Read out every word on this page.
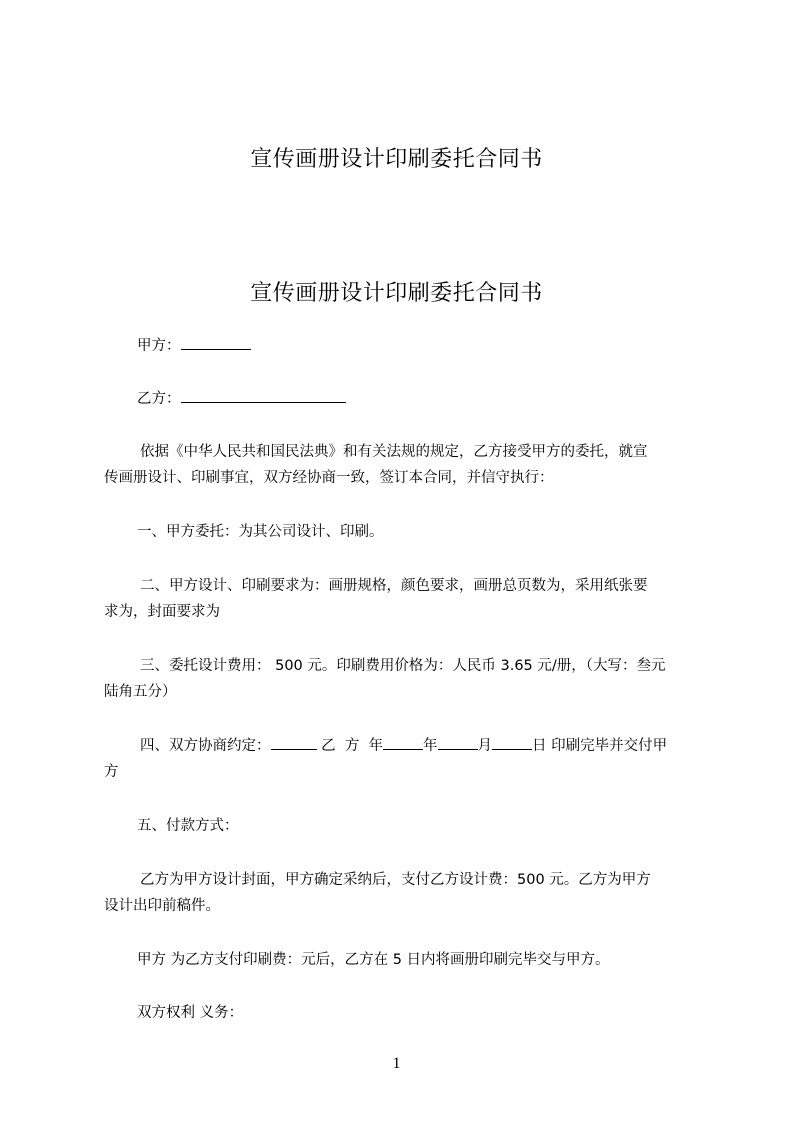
宣传画册设计印刷委托合同书
宣传画册设计印刷委托合同书
甲方：
乙方：
依据《中华人民共和国民法典》和有关法规的规定，乙方接受甲方的委托，就宣
传画册设计、印刷事宜，双方经协商一致，签订本合同，并信守执行：
一、甲方委托：为其公司设计、印刷。
二、甲方设计、印刷要求为：画册规格，颜色要求，画册总页数为，采用纸张要
求为，封面要求为
三、委托设计费用： 500 元。印刷费用价格为：人民币 3.65 元/册，（大写：叁元
陆角五分）
四、双方协商约定：	乙 方 年	年	月	日 印刷完毕并交付甲
方
五、付款方式：
乙方为甲方设计封面，甲方确定采纳后，支付乙方设计费：500 元。乙方为甲方
设计出印前稿件。
甲方 为乙方支付印刷费：元后，乙方在 5 日内将画册印刷完毕交与甲方。
双方权利 义务：
1
